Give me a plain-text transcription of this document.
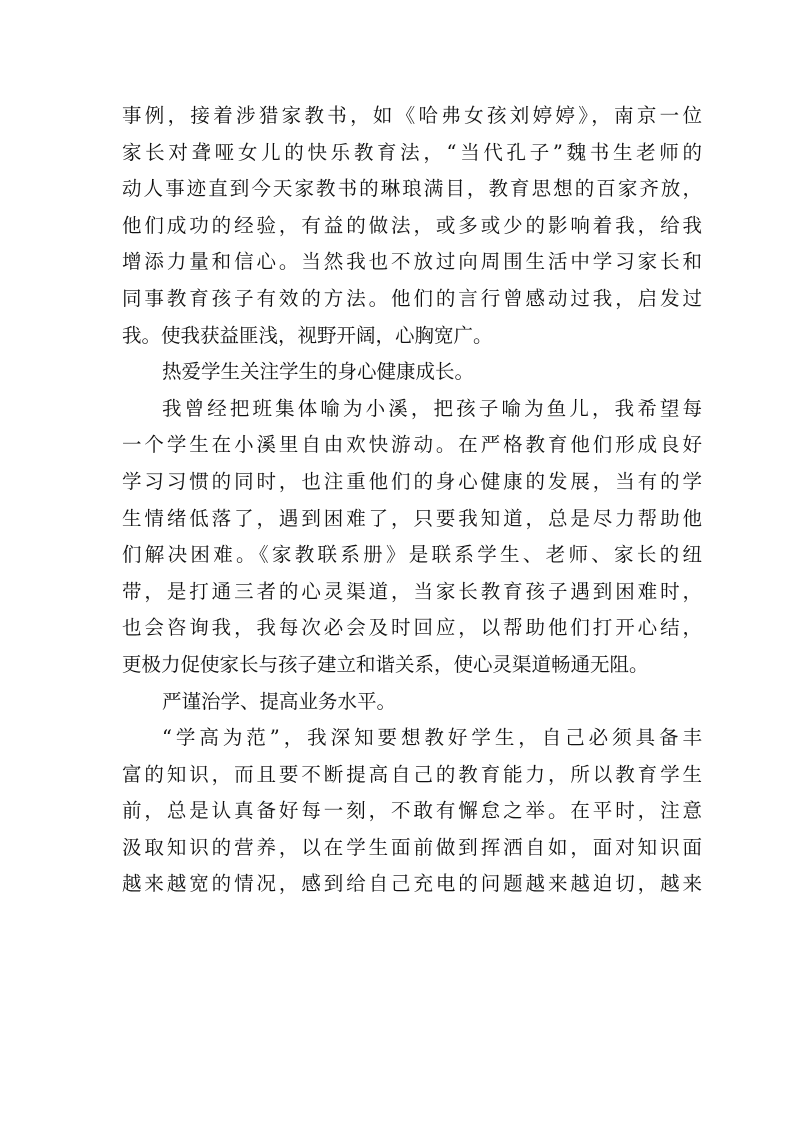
事例，接着涉猎家教书，如《哈弗女孩刘婷婷》，南京一位
家长对聋哑女儿的快乐教育法，“当代孔子”魏书生老师的
动人事迹直到今天家教书的琳琅满目，教育思想的百家齐放，
他们成功的经验，有益的做法，或多或少的影响着我，给我
增添力量和信心。当然我也不放过向周围生活中学习家长和
同事教育孩子有效的方法。他们的言行曾感动过我，启发过
我。使我获益匪浅，视野开阔，心胸宽广。
热爱学生关注学生的身心健康成长。
我曾经把班集体喻为小溪，把孩子喻为鱼儿，我希望每
一个学生在小溪里自由欢快游动。在严格教育他们形成良好
学习习惯的同时，也注重他们的身心健康的发展，当有的学
生情绪低落了，遇到困难了，只要我知道，总是尽力帮助他
们解决困难。《家教联系册》是联系学生、老师、家长的纽
带，是打通三者的心灵渠道，当家长教育孩子遇到困难时，
也会咨询我，我每次必会及时回应，以帮助他们打开心结，
更极力促使家长与孩子建立和谐关系，使心灵渠道畅通无阻。
严谨治学、提高业务水平。
“学高为范”，我深知要想教好学生，自己必须具备丰
富的知识，而且要不断提高自己的教育能力，所以教育学生
前，总是认真备好每一刻，不敢有懈怠之举。在平时，注意
汲取知识的营养，以在学生面前做到挥洒自如，面对知识面
越来越宽的情况，感到给自己充电的问题越来越迫切，越来
